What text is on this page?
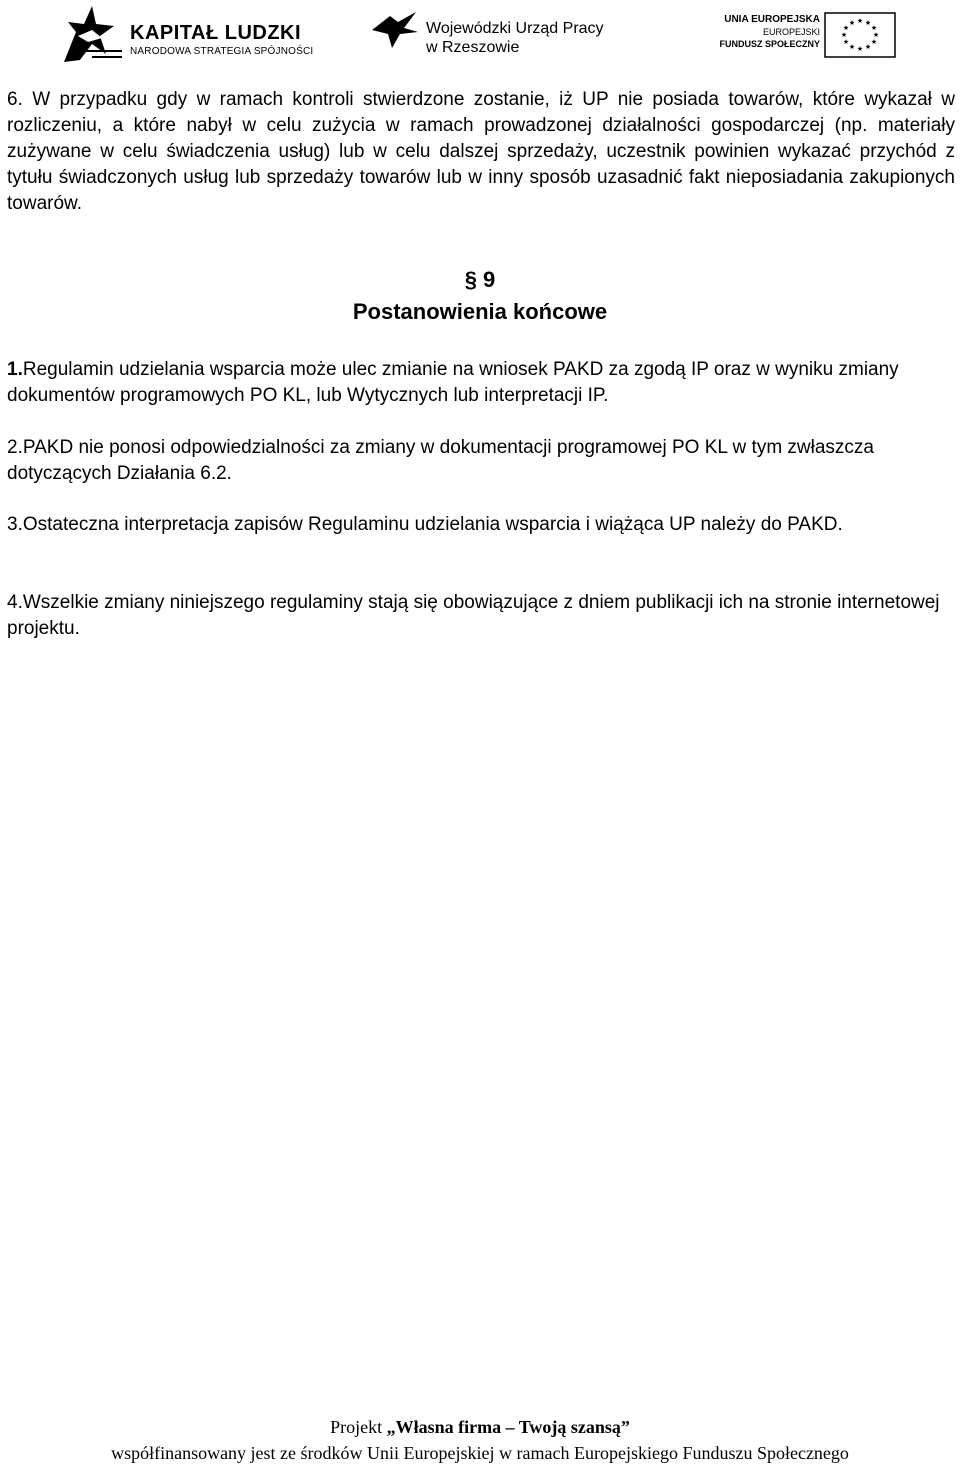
KAPITAŁ LUDZKI
NARODOWA STRATEGIA SPÓJNOŚCI
Wojewódzki Urząd Pracy
w Rzeszowie
UNIA EUROPEJSKA
EUROPEJSKI
FUNDUSZ SPOŁECZNY
★ ★
★
★
★
★
★
★
★
★
★
★

6. W przypadku gdy w ramach kontroli stwierdzone zostanie, iż UP nie posiada towarów, które wykazał w rozliczeniu, a które nabył w celu zużycia w ramach prowadzonej działalności gospodarczej (np. materiały zużywane w celu świadczenia usług) lub w celu dalszej sprzedaży, uczestnik powinien wykazać przychód z tytułu świadczonych usług lub sprzedaży towarów lub w inny sposób uzasadnić fakt nieposiadania zakupionych towarów.

§ 9
Postanowienia końcowe
1.Regulamin udzielania wsparcia może ulec zmianie na wniosek PAKD za zgodą IP oraz w wyniku zmiany dokumentów programowych PO KL, lub Wytycznych lub interpretacji IP.
2.PAKD nie ponosi odpowiedzialności za zmiany w dokumentacji programowej PO KL w tym zwłaszcza dotyczących Działania 6.2.
3.Ostateczna interpretacja zapisów Regulaminu udzielania wsparcia i wiążąca UP należy do PAKD.
4.Wszelkie zmiany niniejszego regulaminy stają się obowiązujące z dniem publikacji ich na stronie internetowej projektu.
Projekt „Własna firma – Twoją szansą”
współfinansowany jest ze środków Unii Europejskiej w ramach Europejskiego Funduszu Społecznego
